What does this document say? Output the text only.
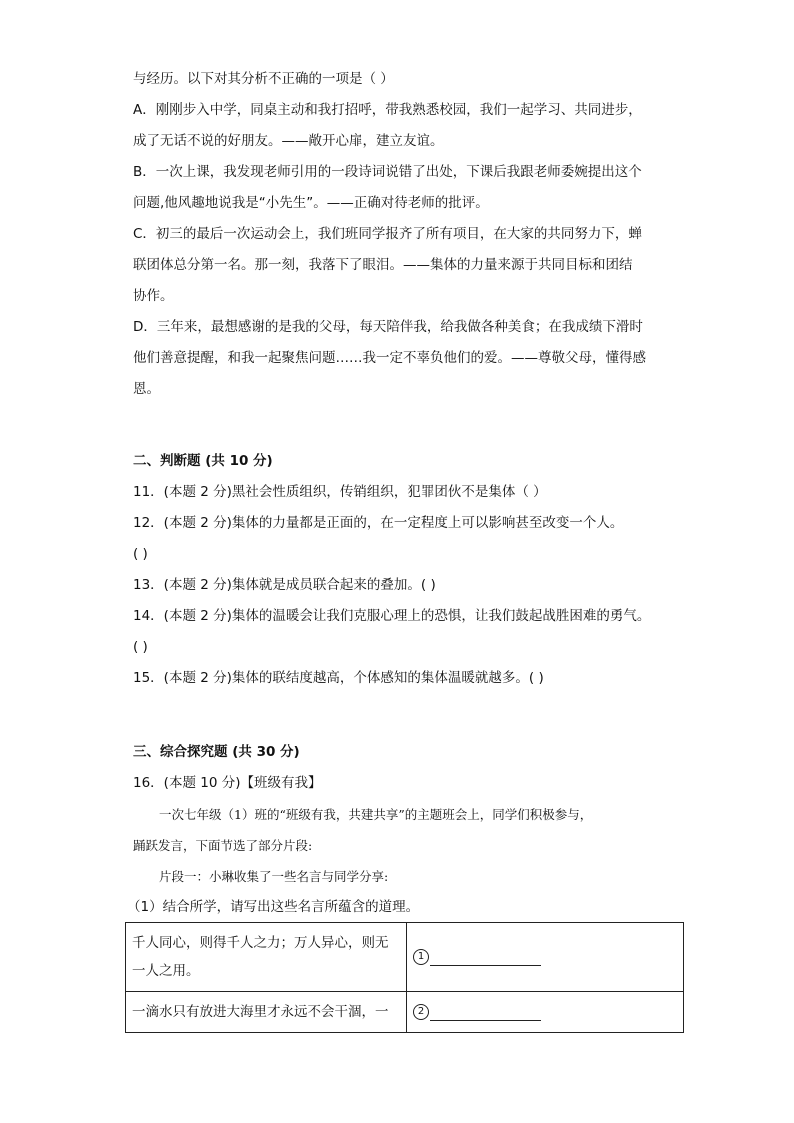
与经历。以下对其分析不正确的一项是（ ）
A．刚刚步入中学，同桌主动和我打招呼，带我熟悉校园，我们一起学习、共同进步，
成了无话不说的好朋友。——敞开心扉，建立友谊。
B．一次上课，我发现老师引用的一段诗词说错了出处，下课后我跟老师委婉提出这个
问题,他风趣地说我是“小先生”。——正确对待老师的批评。
C．初三的最后一次运动会上，我们班同学报齐了所有项目，在大家的共同努力下，蝉
联团体总分第一名。那一刻，我落下了眼泪。——集体的力量来源于共同目标和团结
协作。
D．三年来，最想感谢的是我的父母，每天陪伴我，给我做各种美食；在我成绩下滑时
他们善意提醒，和我一起聚焦问题……我一定不辜负他们的爱。——尊敬父母，懂得感
恩。
二、判断题 (共 10 分)
11．(本题 2 分)黑社会性质组织，传销组织，犯罪团伙不是集体（ ）
12．(本题 2 分)集体的力量都是正面的，在一定程度上可以影响甚至改变一个人。
( )
13．(本题 2 分)集体就是成员联合起来的叠加。( )
14．(本题 2 分)集体的温暖会让我们克服心理上的恐惧，让我们鼓起战胜困难的勇气。
( )
15．(本题 2 分)集体的联结度越高，个体感知的集体温暖就越多。( )
三、综合探究题 (共 30 分)
16．(本题 10 分)【班级有我】
一次七年级（1）班的“班级有我，共建共享”的主题班会上，同学们积极参与，
踊跃发言，下面节选了部分片段:
片段一：小琳收集了一些名言与同学分享:
（1）结合所学，请写出这些名言所蕴含的道理。
千人同心，则得千人之力；万人异心，则无
一人之用。	1

一滴水只有放进大海里才永远不会干涸，一	2
